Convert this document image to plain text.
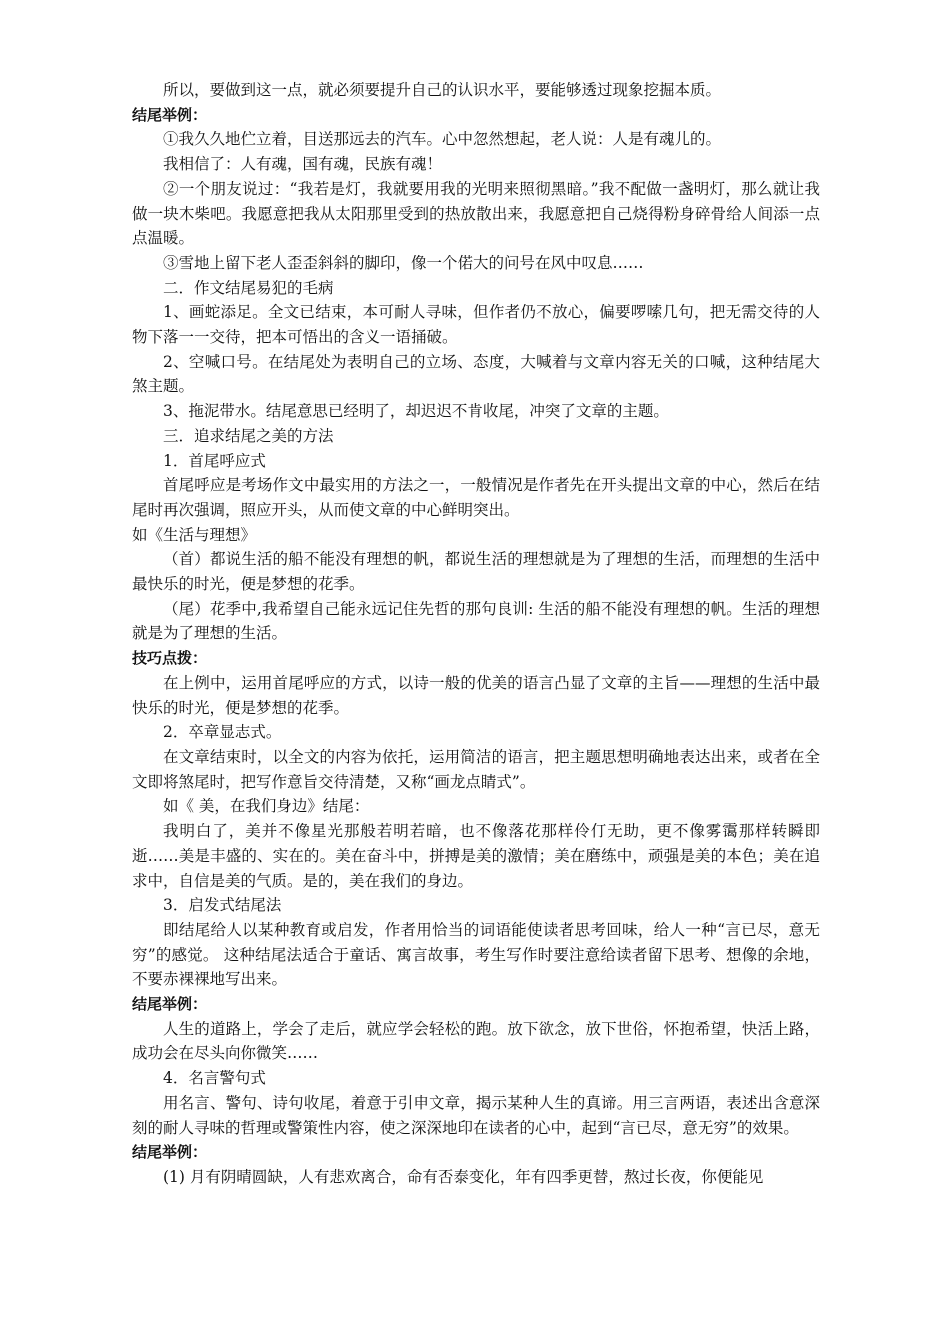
所以，要做到这一点，就必须要提升自己的认识水平，要能够透过现象挖掘本质。

结尾举例：

①我久久地伫立着，目送那远去的汽车。心中忽然想起，老人说：人是有魂儿的。

我相信了：人有魂，国有魂，民族有魂！

②一个朋友说过：“我若是灯，我就要用我的光明来照彻黑暗。”我不配做一盏明灯，那么就让我做一块木柴吧。我愿意把我从太阳那里受到的热放散出来，我愿意把自己烧得粉身碎骨给人间添一点点温暖。

③雪地上留下老人歪歪斜斜的脚印，像一个偌大的问号在风中叹息……

二．作文结尾易犯的毛病

1、画蛇添足。全文已结束，本可耐人寻味，但作者仍不放心，偏要啰嗦几句，把无需交待的人物下落一一交待，把本可悟出的含义一语捅破。

2、空喊口号。在结尾处为表明自己的立场、态度，大喊着与文章内容无关的口喊，这种结尾大煞主题。

3、拖泥带水。结尾意思已经明了，却迟迟不肯收尾，冲突了文章的主题。

三．追求结尾之美的方法

1．首尾呼应式

首尾呼应是考场作文中最实用的方法之一，一般情况是作者先在开头提出文章的中心，然后在结尾时再次强调，照应开头，从而使文章的中心鲜明突出。

如《生活与理想》

（首）都说生活的船不能没有理想的帆，都说生活的理想就是为了理想的生活，而理想的生活中最快乐的时光，便是梦想的花季。

（尾）花季中,我希望自己能永远记住先哲的那句良训: 生活的船不能没有理想的帆。生活的理想就是为了理想的生活。

技巧点拨：

在上例中，运用首尾呼应的方式，以诗一般的优美的语言凸显了文章的主旨——理想的生活中最快乐的时光，便是梦想的花季。

2．卒章显志式。

在文章结束时，以全文的内容为依托，运用简洁的语言，把主题思想明确地表达出来，或者在全文即将煞尾时，把写作意旨交待清楚，又称“画龙点睛式”。

如《 美，在我们身边》结尾：

我明白了，美并不像星光那般若明若暗，也不像落花那样伶仃无助，更不像雾霭那样转瞬即逝……美是丰盛的、实在的。美在奋斗中，拼搏是美的激情；美在磨练中，顽强是美的本色；美在追求中，自信是美的气质。是的，美在我们的身边。

3．启发式结尾法

即结尾给人以某种教育或启发，作者用恰当的词语能使读者思考回味，给人一种“言已尽，意无穷”的感觉。 这种结尾法适合于童话、寓言故事，考生写作时要注意给读者留下思考、想像的余地，不要赤裸裸地写出来。

结尾举例：

人生的道路上，学会了走后，就应学会轻松的跑。放下欲念，放下世俗，怀抱希望，快活上路，成功会在尽头向你微笑……

4．名言警句式

用名言、警句、诗句收尾，着意于引申文章，揭示某种人生的真谛。用三言两语，表述出含意深刻的耐人寻味的哲理或警策性内容，使之深深地印在读者的心中，起到“言已尽，意无穷”的效果。

结尾举例：

(1) 月有阴晴圆缺，人有悲欢离合，命有否泰变化，年有四季更替，熬过长夜，你便能见
